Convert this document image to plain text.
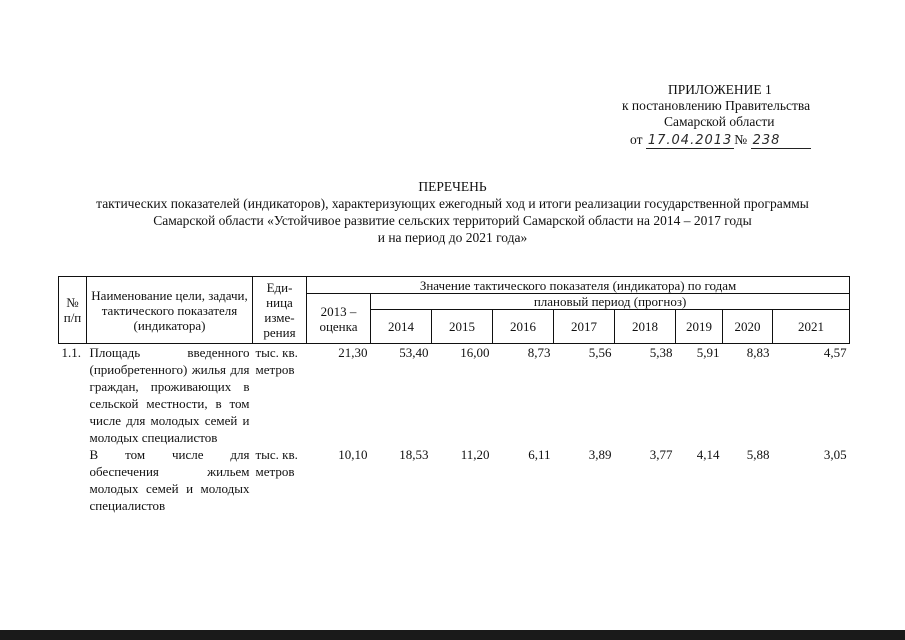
ПРИЛОЖЕНИЕ 1
к постановлению Правительства
Самарской области
от 17.04.2013 № 238
ПЕРЕЧЕНЬ
тактических показателей (индикаторов), характеризующих ежегодный ход и итоги реализации государственной программы
Самарской области «Устойчивое развитие сельских территорий Самарской области на 2014 – 2017 годы
и на период до 2021 года»
№ п/п	Наименование цели, задачи, тактического показателя (индикатора)	Еди- ница изме- рения	Значение тактического показателя (индикатора) по годам								
			2013 – оценка	плановый период (прогноз)							
				2014	2015	2016	2017	2018	2019	2020	2021
1.1.	Площадь введенного (приобретенного) жилья для граждан, проживающих в сельской местности, в том числе для молодых семей и молодых специалистов	тыс. кв. метров	21,30	53,40	16,00	8,73	5,56	5,38	5,91	8,83	4,57
	В том числе для обеспечения жильем молодых семей и молодых специалистов	тыс. кв. метров	10,10	18,53	11,20	6,11	3,89	3,77	4,14	5,88	3,05
